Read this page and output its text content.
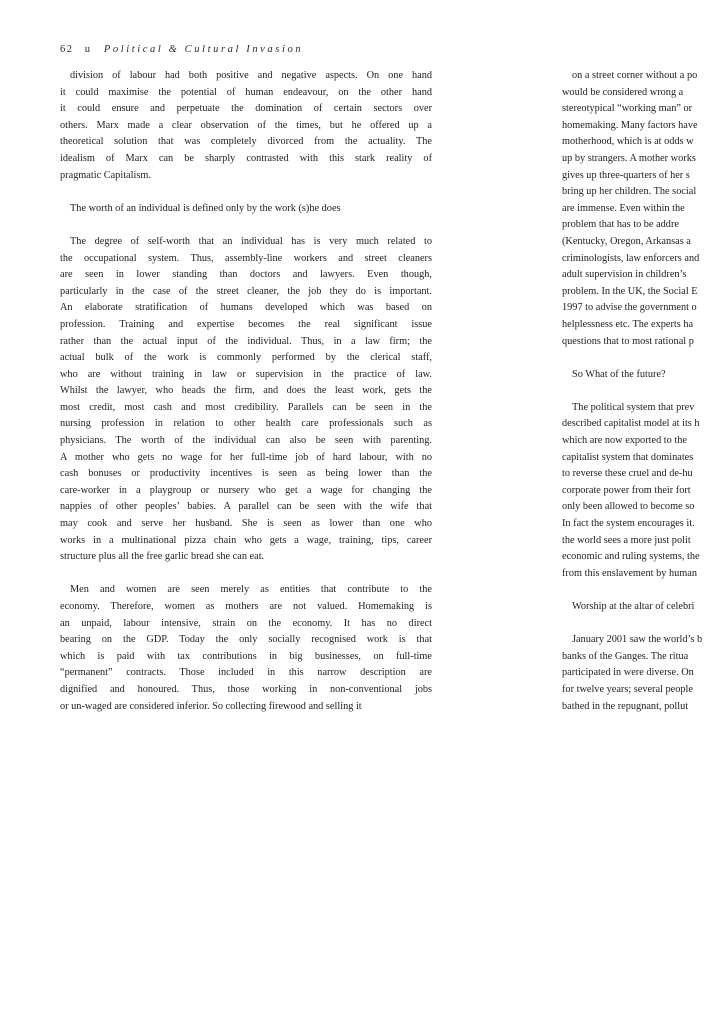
62 u Political & Cultural Invasion

division of labour had both positive and negative aspects. On one hand
it could maximise the potential of human endeavour, on the other hand
it could ensure and perpetuate the domination of certain sectors over
others. Marx made a clear observation of the times, but he offered up a
theoretical solution that was completely divorced from the actuality. The
idealism of Marx can be sharply contrasted with this stark reality of
pragmatic Capitalism.

The worth of an individual is defined only by the work (s)he does

The degree of self-worth that an individual has is very much related to
the occupational system. Thus, assembly-line workers and street cleaners
are seen in lower standing than doctors and lawyers. Even though,
particularly in the case of the street cleaner, the job they do is important.
An elaborate stratification of humans developed which was based on
profession. Training and expertise becomes the real significant issue
rather than the actual input of the individual. Thus, in a law firm; the
actual bulk of the work is commonly performed by the clerical staff,
who are without training in law or supervision in the practice of law.
Whilst the lawyer, who heads the firm, and does the least work, gets the
most credit, most cash and most credibility. Parallels can be seen in the
nursing profession in relation to other health care professionals such as
physicians. The worth of the individual can also be seen with parenting.
A mother who gets no wage for her full-time job of hard labour, with no
cash bonuses or productivity incentives is seen as being lower than the
care-worker in a playgroup or nursery who get a wage for changing the
nappies of other peoples’ babies. A parallel can be seen with the wife that
may cook and serve her husband. She is seen as lower than one who
works in a multinational pizza chain who gets a wage, training, tips, career
structure plus all the free garlic bread she can eat.

Men and women are seen merely as entities that contribute to the
economy. Therefore, women as mothers are not valued. Homemaking is
an unpaid, labour intensive, strain on the economy. It has no direct
bearing on the GDP. Today the only socially recognised work is that
which is paid with tax contributions in big businesses, on full-time
“permanent” contracts. Those included in this narrow description are
dignified and honoured. Thus, those working in non-conventional jobs
or un-waged are considered inferior. So collecting firewood and selling it

on a street corner without a po
would be considered wrong a
stereotypical “working man” or
homemaking. Many factors have
motherhood, which is at odds w
up by strangers. A mother works
gives up three-quarters of her s
bring up her children. The social
are immense. Even within the
problem that has to be addre
(Kentucky, Oregon, Arkansas a
criminologists, law enforcers and
adult supervision in children’s
problem. In the UK, the Social E
1997 to advise the government o
helplessness etc. The experts ha
questions that to most rational p

So What of the future?

The political system that prev
described capitalist model at its h
which are now exported to the
capitalist system that dominates
to reverse these cruel and de-hu
corporate power from their fort
only been allowed to become so
In fact the system encourages it.
the world sees a more just polit
economic and ruling systems, the
from this enslavement by human

Worship at the altar of celebri

January 2001 saw the world’s b
banks of the Ganges. The ritua
participated in were diverse. On
for twelve years; several people
bathed in the repugnant, pollut
